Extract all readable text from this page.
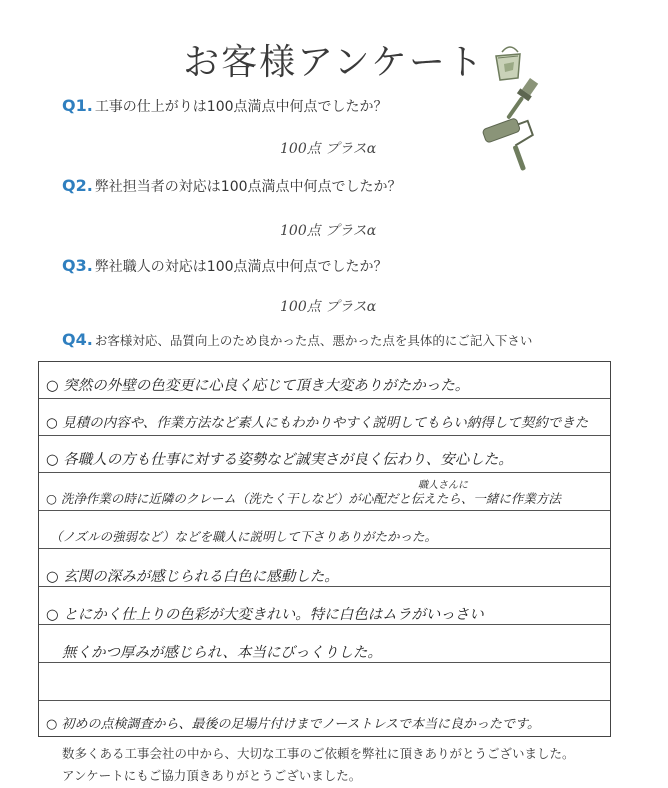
お客様アンケート
Q1. 工事の仕上がりは100点満点中何点でしたか？
100点 プラスα
Q2. 弊社担当者の対応は100点満点中何点でしたか？
100点 プラスα
Q3. 弊社職人の対応は100点満点中何点でしたか？
100点 プラスα
Q4. お客様対応、品質向上のため良かった点、悪かった点を具体的にご記入下さい
○ 突然の外壁の色変更に心良く応じて頂き大変ありがたかった。
○ 見積の内容や、作業方法など素人にもわかりやすく説明してもらい納得して契約できた
○ 各職人の方も仕事に対する姿勢など誠実さが良く伝わり、安心した。
職人さんに
○ 洗浄作業の時に近隣のクレーム（洗たく干しなど）が心配だと伝えたら、一緒に作業方法
（ノズルの強弱など）などを職人に説明して下さりありがたかった。
○ 玄関の深みが感じられる白色に感動した。
○ とにかく仕上りの色彩が大変きれい。特に白色はムラがいっさい
無くかつ厚みが感じられ、本当にびっくりした。
○ 初めの点検調査から、最後の足場片付けまでノーストレスで本当に良かったです。
数多くある工事会社の中から、大切な工事のご依頼を弊社に頂きありがとうございました。
アンケートにもご協力頂きありがとうございました。
